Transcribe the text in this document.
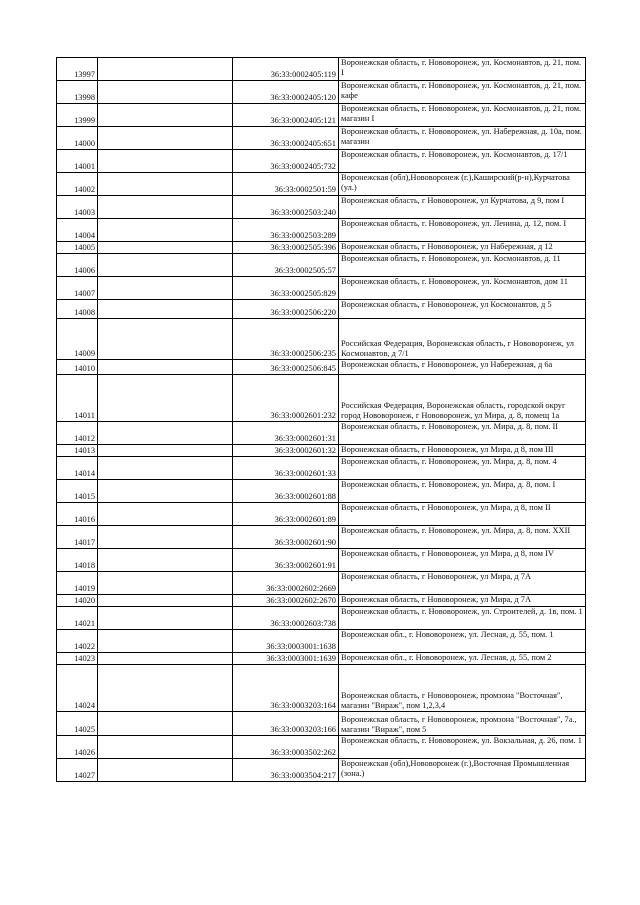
13997		36:33:0002405:119	Воронежская область, г. Нововоронеж, ул. Космонавтов, д. 21, пом. I
13998		36:33:0002405:120	Воронежская область, г. Нововоронеж, ул. Космонавтов, д. 21, пом. кафе
13999		36:33:0002405:121	Воронежская область, г. Нововоронеж, ул. Космонавтов, д. 21, пом. магазин I
14000		36:33:0002405:651	Воронежская область, г. Нововоронеж, ул. Набережная, д. 10а, пом. магазин
14001		36:33:0002405:732	Воронежская область, г. Нововоронеж, ул. Космонавтов, д. 17/1
14002		36:33:0002501:59	Воронежская (обл),Нововоронеж (г.),Каширский(р-н),Курчатова (ул.)
14003		36:33:0002503:240	Воронежская область, г Нововоронеж, ул Курчатова, д 9, пом I
14004		36:33:0002503:289	Воронежская область, г. Нововоронеж, ул. Ленина, д. 12, пом. I
14005		36:33:0002505:396	Воронежская область, г Нововоронеж, ул Набережная, д 12
14006		36:33:0002505:57	Воронежская область, г. Нововоронеж, ул. Космонавтов, д. 11
14007		36:33:0002505:829	Воронежская область, г. Нововоронеж, ул. Космонавтов, дом 11
14008		36:33:0002506:220	Воронежская область, г Нововоронеж, ул Космонавтов, д 5
14009		36:33:0002506:235	Российская Федерация, Воронежская область, г Нововоронеж, ул Космонавтов, д 7/1
14010		36:33:0002506:845	Воронежская область, г Нововоронеж, ул Набережная, д 6а
14011		36:33:0002601:232	Российская Федерация, Воронежская область, городской округ город Нововоронеж, г Нововоронеж, ул Мира, д. 8, помещ 1а
14012		36:33:0002601:31	Воронежская область, г. Нововоронеж, ул. Мира, д. 8, пом. II
14013		36:33:0002601:32	Воронежская область, г Нововоронеж, ул Мира, д 8, пом III
14014		36:33:0002601:33	Воронежская область, г. Нововоронеж, ул. Мира, д. 8, пом. 4
14015		36:33:0002601:88	Воронежская область, г. Нововоронеж, ул. Мира, д. 8, пом. I
14016		36:33:0002601:89	Воронежская область, г Нововоронеж, ул Мира, д 8, пом II
14017		36:33:0002601:90	Воронежская область, г. Нововоронеж, ул. Мира, д. 8, пом. XXII
14018		36:33:0002601:91	Воронежская область, г Нововоронеж, ул Мира, д 8, пом IV
14019		36:33:0002602:2669	Воронежская область, г Нововоронеж, ул Мира, д 7А
14020		36:33:0002602:2670	Воронежская область, г Нововоронеж, ул Мира, д 7А
14021		36:33:0002603:738	Воронежская область, г. Нововоронеж, ул. Строителей, д. 1в, пом. 1
14022		36:33:0003001:1638	Воронежская обл., г. Нововоронеж, ул. Лесная, д. 55, пом. 1
14023		36:33:0003001:1639	Воронежская обл., г. Нововоронеж, ул. Лесная, д. 55, пом 2
14024		36:33:0003203:164	Воронежская область, г Нововоронеж, промзона "Восточная", магазин "Вираж", пом 1,2,3,4
14025		36:33:0003203:166	Воронежская область, г Нововоронеж, промзона "Восточная", 7а., магазин "Вираж", пом 5
14026		36:33:0003502:262	Воронежская область, г. Нововоронеж, ул. Вокзальная, д. 26, пом. 1
14027		36:33:0003504:217	Воронежская (обл),Нововоронеж (г.),Восточная Промышленная (зона.)
